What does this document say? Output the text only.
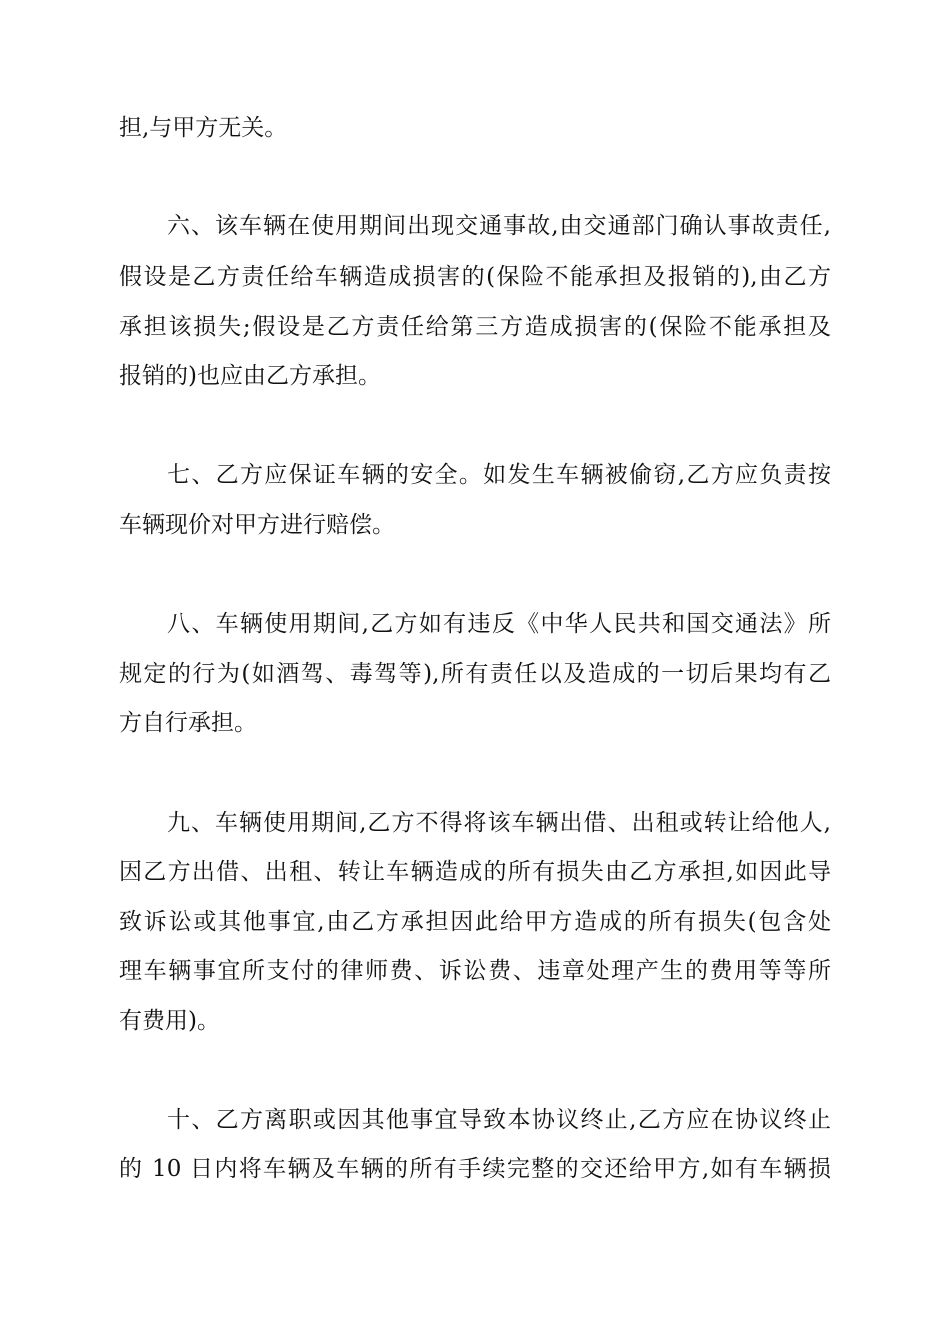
担,与甲方无关。
六、该车辆在使用期间出现交通事故,由交通部门确认事故责任,
假设是乙方责任给车辆造成损害的(保险不能承担及报销的),由乙方
承担该损失;假设是乙方责任给第三方造成损害的(保险不能承担及
报销的)也应由乙方承担。
七、乙方应保证车辆的安全。如发生车辆被偷窃,乙方应负责按
车辆现价对甲方进行赔偿。
八、车辆使用期间,乙方如有违反《中华人民共和国交通法》所
规定的行为(如酒驾、毒驾等),所有责任以及造成的一切后果均有乙
方自行承担。
九、车辆使用期间,乙方不得将该车辆出借、出租或转让给他人,
因乙方出借、出租、转让车辆造成的所有损失由乙方承担,如因此导
致诉讼或其他事宜,由乙方承担因此给甲方造成的所有损失(包含处
理车辆事宜所支付的律师费、诉讼费、违章处理产生的费用等等所
有费用)。
十、乙方离职或因其他事宜导致本协议终止,乙方应在协议终止
的 10 日内将车辆及车辆的所有手续完整的交还给甲方,如有车辆损
